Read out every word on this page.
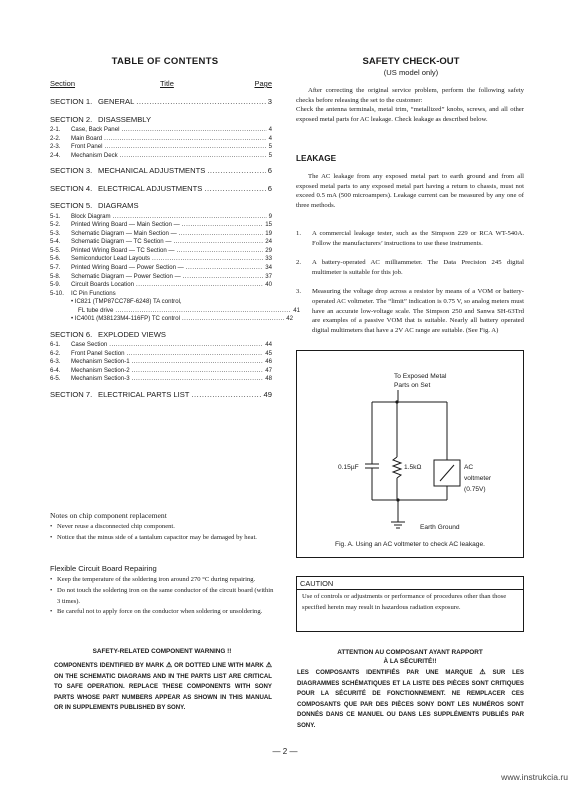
TABLE OF CONTENTS
Section	Title	Page
SECTION 1. GENERAL .....	3
SECTION 2. DISASSEMBLY
2-1.	Case, Back Panel .....	4
2-2.	Main Board .....	4
2-3.	Front Panel .....	5
2-4.	Mechanism Deck .....	5
SECTION 3. MECHANICAL ADJUSTMENTS .....	6
SECTION 4. ELECTRICAL ADJUSTMENTS .....	6
SECTION 5. DIAGRAMS
5-1.	Block Diagram .....	9
5-2.	Printed Wiring Board — Main Section — .....	15
5-3.	Schematic Diagram — Main Section — .....	19
5-4.	Schematic Diagram — TC Section — .....	24
5-5.	Printed Wiring Board — TC Section — .....	29
5-6.	Semiconductor Lead Layouts .....	33
5-7.	Printed Wiring Board — Power Section — .....	34
5-8.	Schematic Diagram — Power Section — .....	37
5-9.	Circuit Boards Location .....	40
5-10.	IC Pin Functions
• IC821 (TMP87CC78F-6248) TA control,
FL tube drive .....	41
• IC4001 (M38123M4-116FP) TC control .....	42
SECTION 6. EXPLODED VIEWS
6-1.	Case Section .....	44
6-2.	Front Panel Section .....	45
6-3.	Mechanism Section-1 .....	46
6-4.	Mechanism Section-2 .....	47
6-5.	Mechanism Section-3 .....	48
SECTION 7. ELECTRICAL PARTS LIST .....	49
Notes on chip component replacement
• Never reuse a disconnected chip component.
• Notice that the minus side of a tantalum capacitor may be damaged by heat.
Flexible Circuit Board Repairing
• Keep the temperature of the soldering iron around 270 °C during repairing.
• Do not touch the soldering iron on the same conductor of the circuit board (within 3 times).
• Be careful not to apply force on the conductor when soldering or unsoldering.
SAFETY-RELATED COMPONENT WARNING !!
COMPONENTS IDENTIFIED BY MARK ⚠ OR DOTTED LINE WITH MARK ⚠ ON THE SCHEMATIC DIAGRAMS AND IN THE PARTS LIST ARE CRITICAL TO SAFE OPERATION. REPLACE THESE COMPONENTS WITH SONY PARTS WHOSE PART NUMBERS APPEAR AS SHOWN IN THIS MANUAL OR IN SUPPLEMENTS PUBLISHED BY SONY.
SAFETY CHECK-OUT
(US model only)
After correcting the original service problem, perform the following safety checks before releasing the set to the customer:
Check the antenna terminals, metal trim, “metallized” knobs, screws, and all other exposed metal parts for AC leakage. Check leakage as described below.
LEAKAGE
The AC leakage from any exposed metal part to earth ground and from all exposed metal parts to any exposed metal part having a return to chassis, must not exceed 0.5 mA (500 microampers). Leakage current can be measured by any one of three methods.
1. A commercial leakage tester, such as the Simpson 229 or RCA WT-540A. Follow the manufacturers’ instructions to use these instruments.
2. A battery-operated AC milliammeter. The Data Precision 245 digital multimeter is suitable for this job.
3. Measuring the voltage drop across a resistor by means of a VOM or battery-operated AC voltmeter. The “limit” indication is 0.75 V, so analog meters must have an accurate low-voltage scale. The Simpson 250 and Sanwa SH-63Trd are examples of a passive VOM that is suitable. Nearly all battery operated digital multimeters that have a 2V AC range are suitable. (See Fig. A)
To Exposed Metal
Parts on Set
0.15µF	1.5kΩ	AC
voltmeter
(0.75V)
Earth Ground
Fig. A. Using an AC voltmeter to check AC leakage.
CAUTION
Use of controls or adjustments or performance of procedures other than those specified herein may result in hazardous radiation exposure.
ATTENTION AU COMPOSANT AYANT RAPPORT
À LA SÉCURITÉ!!
LES COMPOSANTS IDENTIFIÉS PAR UNE MARQUE ⚠ SUR LES DIAGRAMMES SCHÉMATIQUES ET LA LISTE DES PIÈCES SONT CRITIQUES POUR LA SÉCURITÉ DE FONCTIONNEMENT. NE REMPLACER CES COMPOSANTS QUE PAR DES PIÈCES SONY DONT LES NUMÉROS SONT DONNÉS DANS CE MANUEL OU DANS LES SUPPLÉMENTS PUBLIÉS PAR SONY.
— 2 —
www.instrukcia.ru
